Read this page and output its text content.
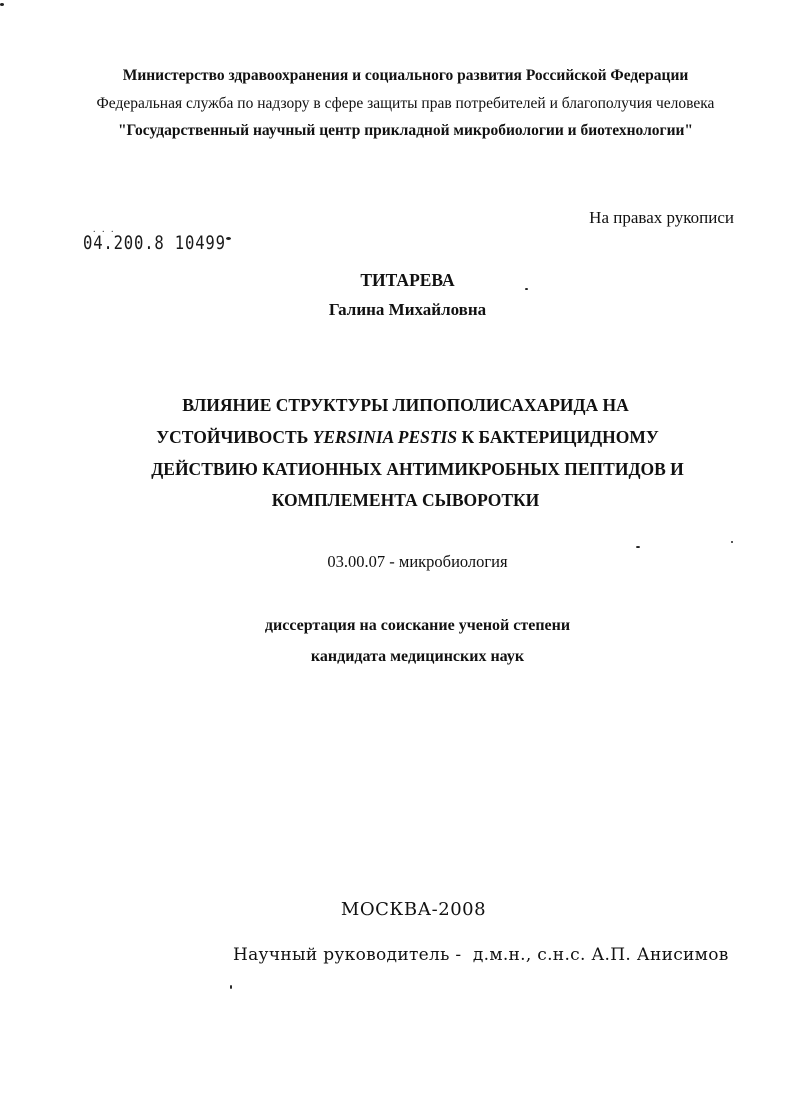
Министерство здравоохранения и социального развития Российской Федерации
Федеральная служба по надзору в сфере защиты прав потребителей и благополучия человека
"Государственный научный центр прикладной микробиологии и биотехнологии"
На правах рукописи
. . .
04.200.8 10499
ТИТАРЕВА
Галина Михайловна
ВЛИЯНИЕ СТРУКТУРЫ ЛИПОПОЛИСАХАРИДА НА
УСТОЙЧИВОСТЬ YERSINIA PESTIS К БАКТЕРИЦИДНОМУ
ДЕЙСТВИЮ КАТИОННЫХ АНТИМИКРОБНЫХ ПЕПТИДОВ И
КОМПЛЕМЕНТА СЫВОРОТКИ
03.00.07 - микробиология
диссертация на соискание ученой степени
кандидата медицинских наук
МОСКВА-2008
Научный руководитель - д.м.н., с.н.с. А.П. Анисимов
